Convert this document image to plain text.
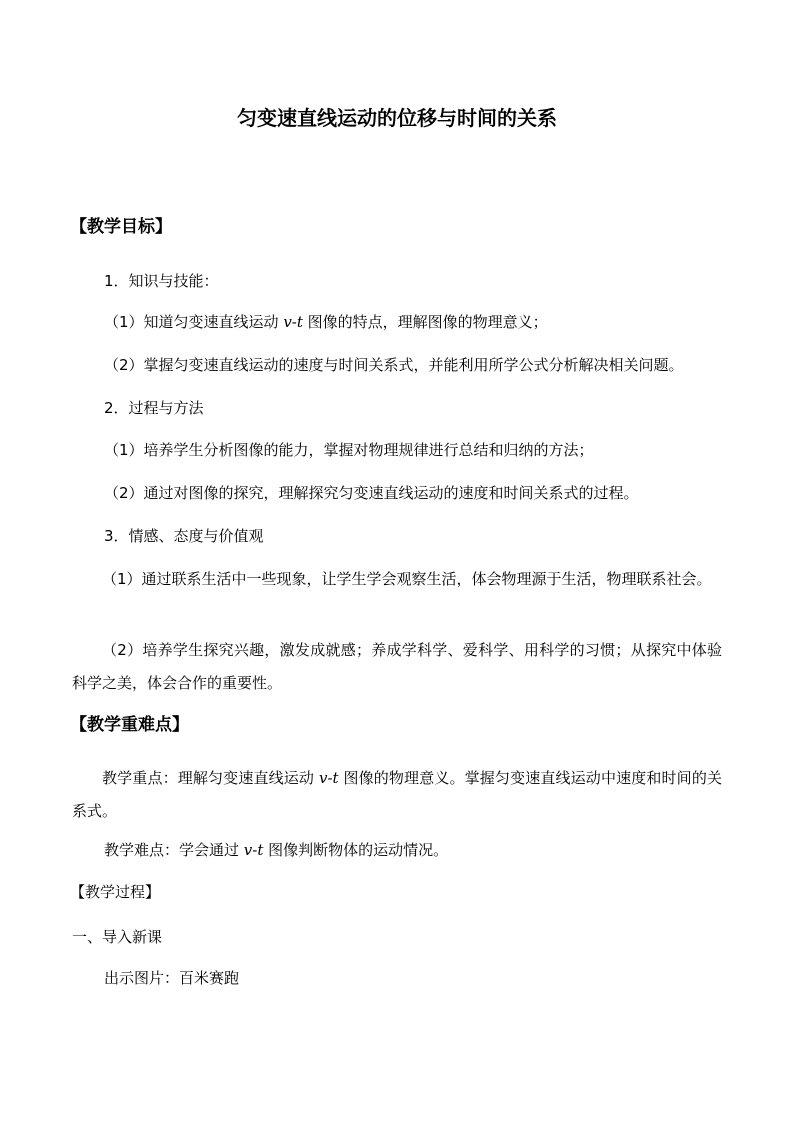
匀变速直线运动的位移与时间的关系
【教学目标】
1．知识与技能：
（1）知道匀变速直线运动 v-t 图像的特点，理解图像的物理意义；
（2）掌握匀变速直线运动的速度与时间关系式，并能利用所学公式分析解决相关问题。
2．过程与方法
（1）培养学生分析图像的能力，掌握对物理规律进行总结和归纳的方法；
（2）通过对图像的探究，理解探究匀变速直线运动的速度和时间关系式的过程。
3．情感、态度与价值观
（1）通过联系生活中一些现象，让学生学会观察生活，体会物理源于生活，物理联系社会。
（2）培养学生探究兴趣，激发成就感；养成学科学、爱科学、用科学的习惯；从探究中体验科学之美，体会合作的重要性。
【教学重难点】
教学重点：理解匀变速直线运动 v-t 图像的物理意义。掌握匀变速直线运动中速度和时间的关系式。
教学难点：学会通过 v-t 图像判断物体的运动情况。
【教学过程】
一、导入新课
出示图片：百米赛跑
